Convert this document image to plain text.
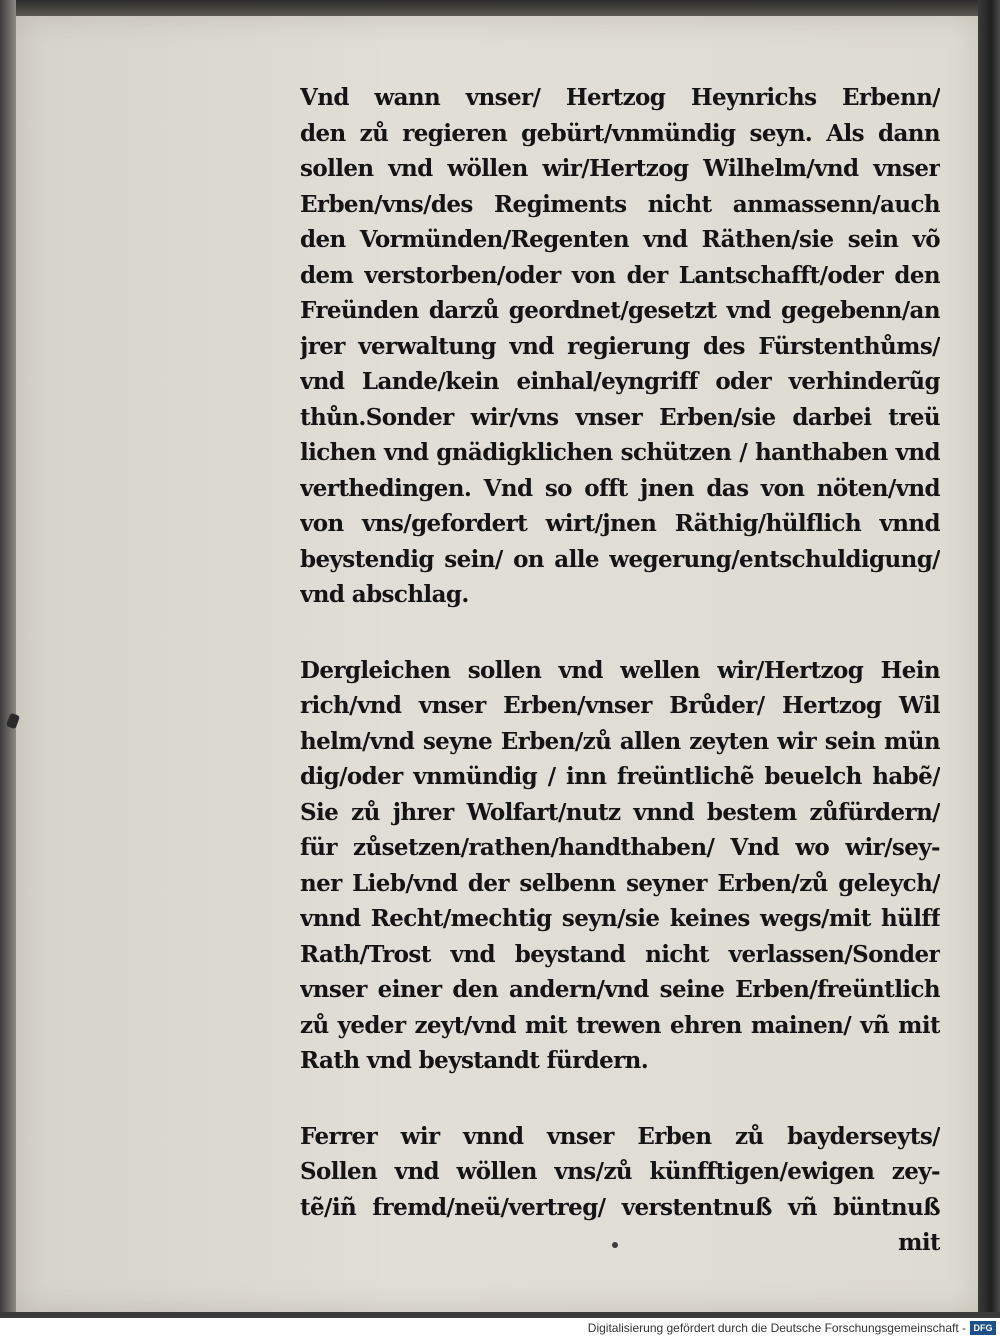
Vnd wann vnser/ Hertzog Heynrichs Erbenn/
den zů regieren gebürt/vnmündig seyn. Als dann
sollen vnd wöllen wir/Hertzog Wilhelm/vnd vnser
Erben/vns/des Regiments nicht anmassenn/auch
den Vormünden/Regenten vnd Räthen/sie sein võ
dem verstorben/oder von der Lantschafft/oder den
Freünden darzů geordnet/gesetzt vnd gegebenn/an
jrer verwaltung vnd regierung des Fürstenthůms/
vnd Lande/kein einhal/eyngriff oder verhinderũg
thůn.Sonder wir/vns vnser Erben/sie darbei treü
lichen vnd gnädigklichen schützen / hanthaben vnd
verthedingen. Vnd so offt jnen das von nöten/vnd
von vns/gefordert wirt/jnen Räthig/hülflich vnnd
beystendig sein/ on alle wegerung/entschuldigung/
vnd abschlag.
Dergleichen sollen vnd wellen wir/Hertzog Hein
rich/vnd vnser Erben/vnser Brůder/ Hertzog Wil
helm/vnd seyne Erben/zů allen zeyten wir sein mün
dig/oder vnmündig / inn freüntlichẽ beuelch habẽ/
Sie zů jhrer Wolfart/nutz vnnd bestem zůfürdern/
für zůsetzen/rathen/handthaben/ Vnd wo wir/sey-
ner Lieb/vnd der selbenn seyner Erben/zů geleych/
vnnd Recht/mechtig seyn/sie keines wegs/mit hülff
Rath/Trost vnd beystand nicht verlassen/Sonder
vnser einer den andern/vnd seine Erben/freüntlich
zů yeder zeyt/vnd mit trewen ehren mainen/ vñ mit
Rath vnd beystandt fürdern.
Ferrer wir vnnd vnser Erben zů bayderseyts/
Sollen vnd wöllen vns/zů künfftigen/ewigen zey-
tẽ/iñ fremd/neü/vertreg/ verstentnuß vñ büntnuß
mit
Digitalisierung gefördert durch die Deutsche Forschungsgemeinschaft - DFG
